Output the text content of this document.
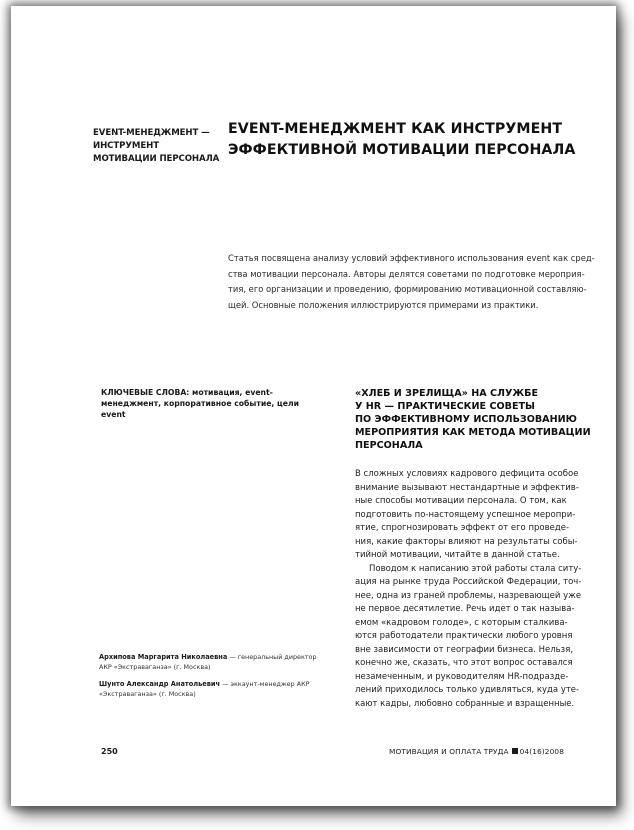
EVENT-МЕНЕДЖМЕНТ — ИНСТРУМЕНТ МОТИВАЦИИ ПЕРСОНАЛА
EVENT-МЕНЕДЖМЕНТ КАК ИНСТРУМЕНТ ЭФФЕКТИВНОЙ МОТИВАЦИИ ПЕРСОНАЛА
Статья посвящена анализу условий эффективного использования event как сред-
ства мотивации персонала. Авторы делятся советами по подготовке мероприя-
тия, его организации и проведению, формированию мотивационной составляю-
щей. Основные положения иллюстрируются примерами из практики.
КЛЮЧЕВЫЕ СЛОВА: мотивация, event-менеджмент, корпоративное событие, цели event
«ХЛЕБ И ЗРЕЛИЩА» НА СЛУЖБЕ
У HR — ПРАКТИЧЕСКИЕ СОВЕТЫ
ПО ЭФФЕКТИВНОМУ ИСПОЛЬЗОВАНИЮ
МЕРОПРИЯТИЯ КАК МЕТОДА МОТИВАЦИИ
ПЕРСОНАЛА
В сложных условиях кадрового дефицита особое
внимание вызывают нестандартные и эффектив-
ные способы мотивации персонала. О том, как
подготовить по-настоящему успешное меропри-
ятие, спрогнозировать эффект от его проведе-
ния, какие факторы влияют на результаты собы-
тийной мотивации, читайте в данной статье.
Поводом к написанию этой работы стала ситу-
ация на рынке труда Российской Федерации, точ-
нее, одна из граней проблемы, назревающей уже
не первое десятилетие. Речь идет о так называ-
емом «кадровом голоде», с которым сталкива-
ются работодатели практически любого уровня
вне зависимости от географии бизнеса. Нельзя,
конечно же, сказать, что этот вопрос оставался
незамеченным, и руководителям HR-подразде-
лений приходилось только удивляться, куда уте-
кают кадры, любовно собранные и взращенные.
Архипова Маргарита Николаевна — генеральный директор АКР «Экстраваганза» (г. Москва)
Шунто Александр Анатольевич — эккаунт-менеджер АКР «Экстраваганза» (г. Москва)
250	МОТИВАЦИЯ И ОПЛАТА ТРУДА 04(16)2008
